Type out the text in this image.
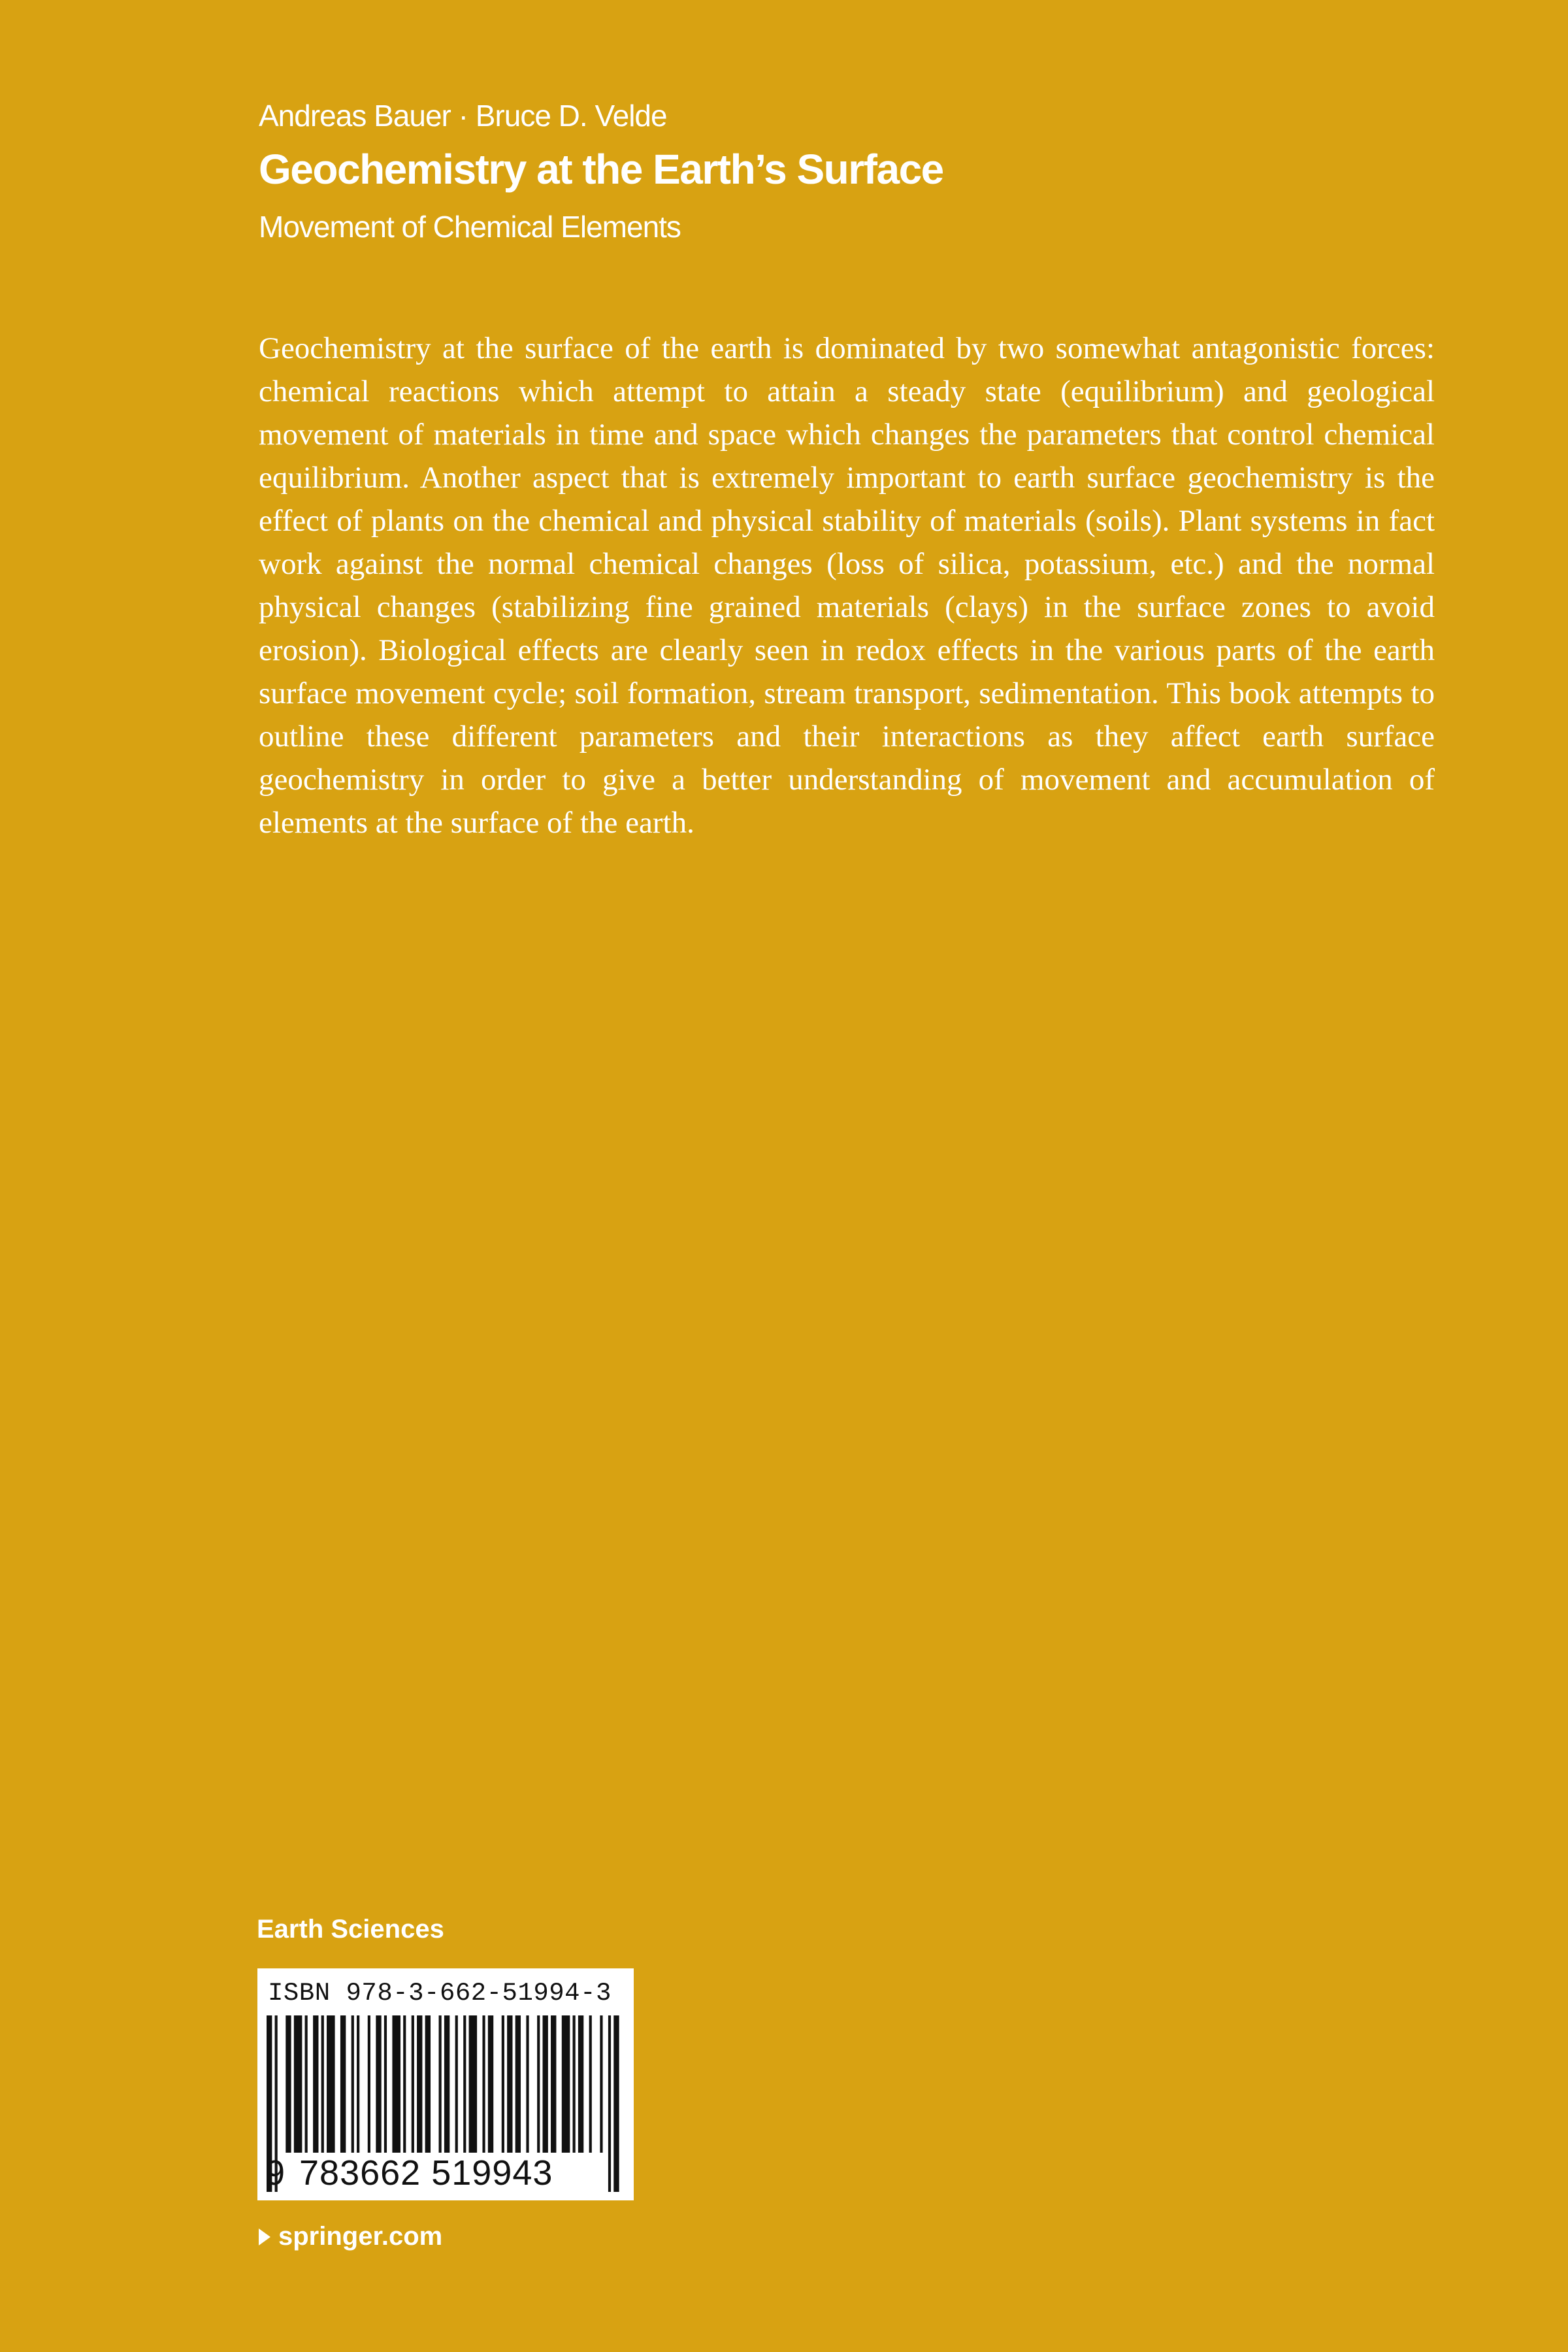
Andreas Bauer · Bruce D. Velde
Geochemistry at the Earth’s Surface
Movement of Chemical Elements

Geochemistry at the surface of the earth is dominated by two somewhat antagonistic forces: chemical reactions which attempt to attain a steady state (equilibrium) and geological movement of materials in time and space which changes the parameters that control chemical equilibrium. Another aspect that is extremely important to earth surface geochemistry is the effect of plants on the chemical and physical stability of materials (soils). Plant systems in fact work against the normal chemical changes (loss of silica, potassium, etc.) and the normal physical changes (stabilizing fine grained materials (clays) in the surface zones to avoid erosion). Biological effects are clearly seen in redox effects in the various parts of the earth surface movement cycle; soil formation, stream transport, sedimentation. This book attempts to outline these different parameters and their interactions as they affect earth surface geochemistry in order to give a better understanding of movement and accumulation of elements at the surface of the earth.

Earth Sciences
ISBN 978-3-662-51994-3
9 783662 519943
springer.com
